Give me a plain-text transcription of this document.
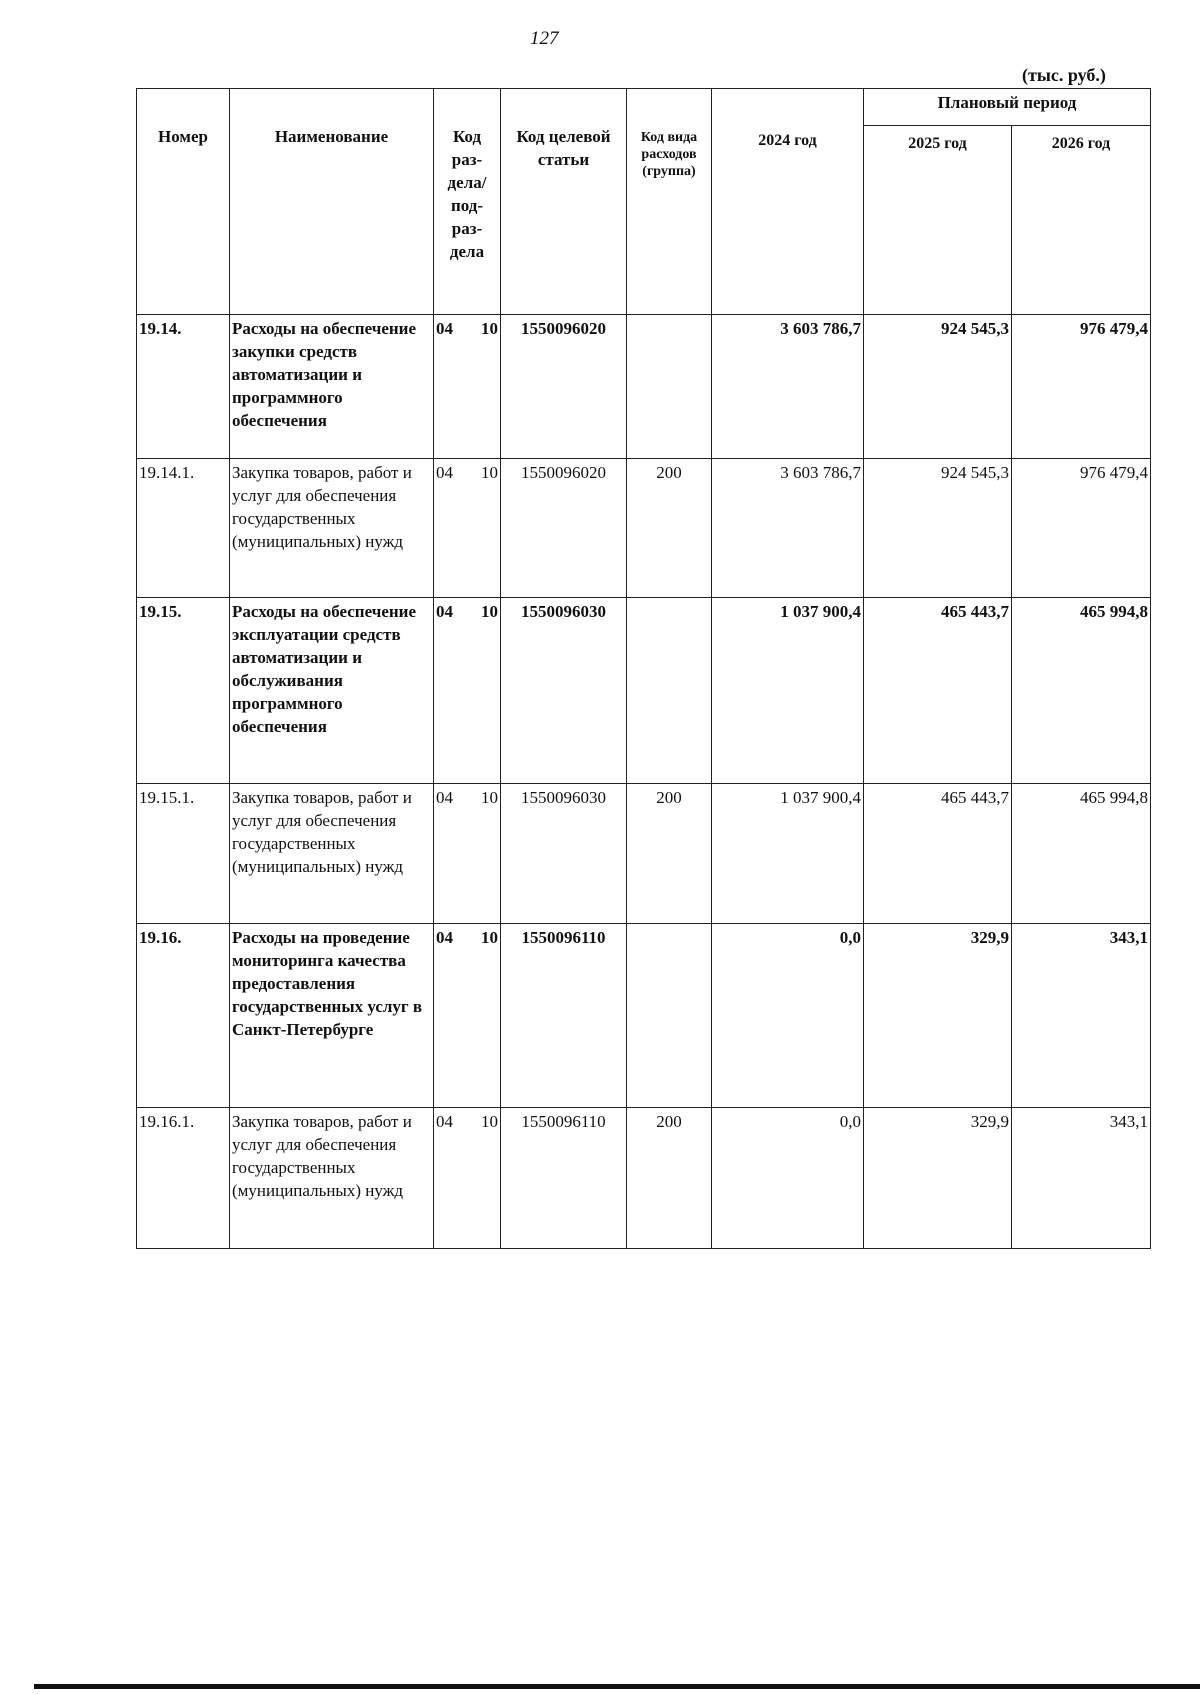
127
(тыс. руб.)
Номер	Наименование	Код раз-дела/ под-раз-дела	Код целевой статьи	Код вида расходов (группа)	2024 год	Плановый период	
						2025 год	2026 год
19.14.	Расходы на обеспечение закупки средств автоматизации и программного обеспечения	04 10	1550096020		3 603 786,7	924 545,3	976 479,4
19.14.1.	Закупка товаров, работ и услуг для обеспечения государственных (муниципальных) нужд	04 10	1550096020	200	3 603 786,7	924 545,3	976 479,4
19.15.	Расходы на обеспечение эксплуатации средств автоматизации и обслуживания программного обеспечения	04 10	1550096030		1 037 900,4	465 443,7	465 994,8
19.15.1.	Закупка товаров, работ и услуг для обеспечения государственных (муниципальных) нужд	04 10	1550096030	200	1 037 900,4	465 443,7	465 994,8
19.16.	Расходы на проведение мониторинга качества предоставления государственных услуг в Санкт-Петербурге	04 10	1550096110		0,0	329,9	343,1
19.16.1.	Закупка товаров, работ и услуг для обеспечения государственных (муниципальных) нужд	04 10	1550096110	200	0,0	329,9	343,1
